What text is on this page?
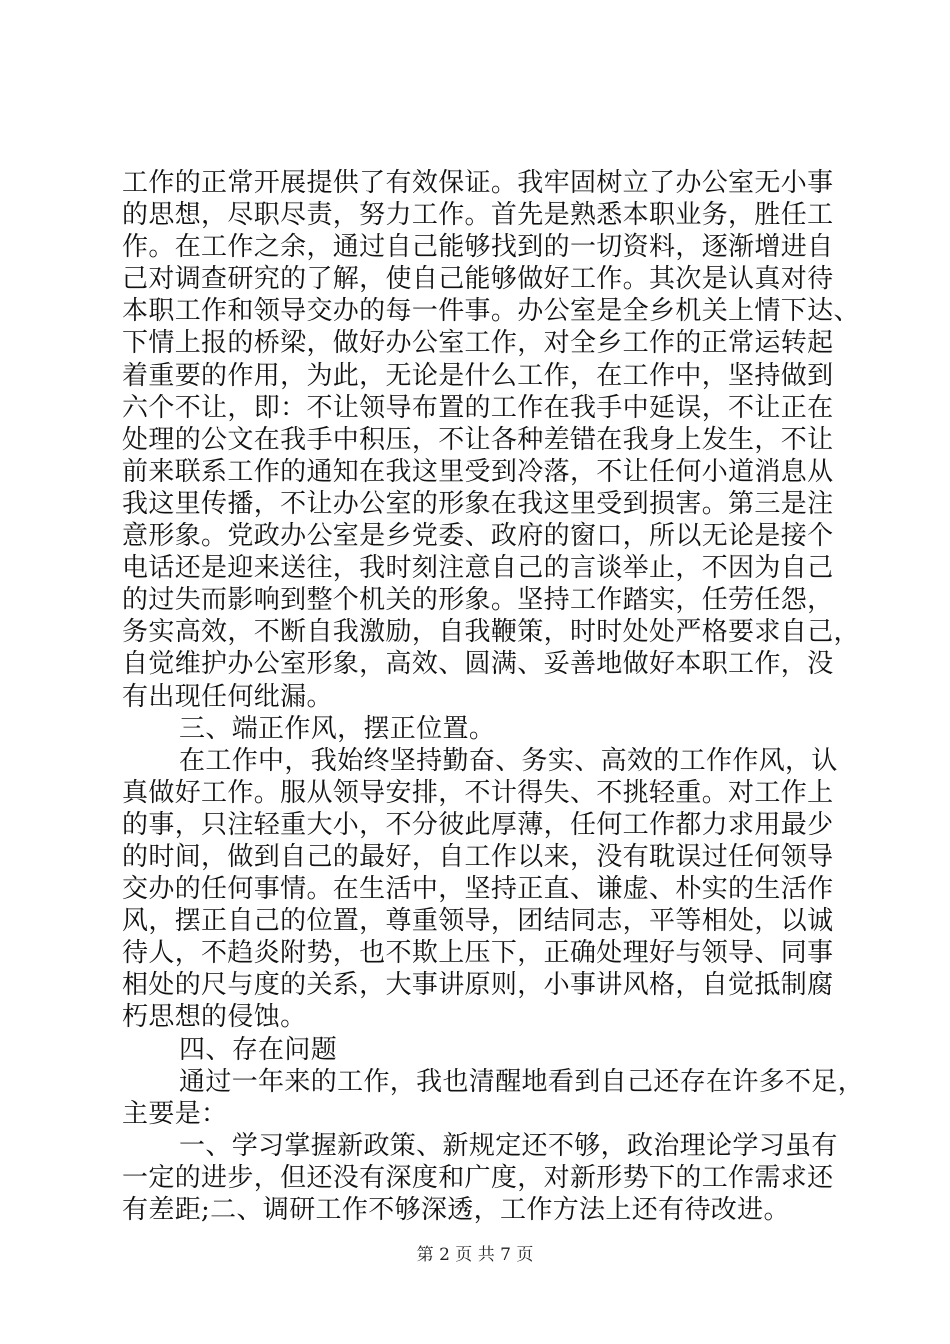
工作的正常开展提供了有效保证。我牢固树立了办公室无小事
的思想，尽职尽责，努力工作。首先是熟悉本职业务，胜任工
作。在工作之余，通过自己能够找到的一切资料，逐渐增进自
己对调查研究的了解，使自己能够做好工作。其次是认真对待
本职工作和领导交办的每一件事。办公室是全乡机关上情下达、
下情上报的桥梁，做好办公室工作，对全乡工作的正常运转起
着重要的作用，为此，无论是什么工作，在工作中，坚持做到
六个不让，即：不让领导布置的工作在我手中延误，不让正在
处理的公文在我手中积压，不让各种差错在我身上发生，不让
前来联系工作的通知在我这里受到冷落，不让任何小道消息从
我这里传播，不让办公室的形象在我这里受到损害。第三是注
意形象。党政办公室是乡党委、政府的窗口，所以无论是接个
电话还是迎来送往，我时刻注意自己的言谈举止，不因为自己
的过失而影响到整个机关的形象。坚持工作踏实，任劳任怨，
务实高效，不断自我激励，自我鞭策，时时处处严格要求自己，
自觉维护办公室形象，高效、圆满、妥善地做好本职工作，没
有出现任何纰漏。
三、端正作风，摆正位置。
在工作中，我始终坚持勤奋、务实、高效的工作作风，认
真做好工作。服从领导安排，不计得失、不挑轻重。对工作上
的事，只注轻重大小，不分彼此厚薄，任何工作都力求用最少
的时间，做到自己的最好，自工作以来，没有耽误过任何领导
交办的任何事情。在生活中，坚持正直、谦虚、朴实的生活作
风，摆正自己的位置，尊重领导，团结同志，平等相处，以诚
待人，不趋炎附势，也不欺上压下，正确处理好与领导、同事
相处的尺与度的关系，大事讲原则，小事讲风格，自觉抵制腐
朽思想的侵蚀。
四、存在问题
通过一年来的工作，我也清醒地看到自己还存在许多不足，
主要是：
一、学习掌握新政策、新规定还不够，政治理论学习虽有
一定的进步，但还没有深度和广度，对新形势下的工作需求还
有差距;二、调研工作不够深透，工作方法上还有待改进。
第 2 页 共 7 页
